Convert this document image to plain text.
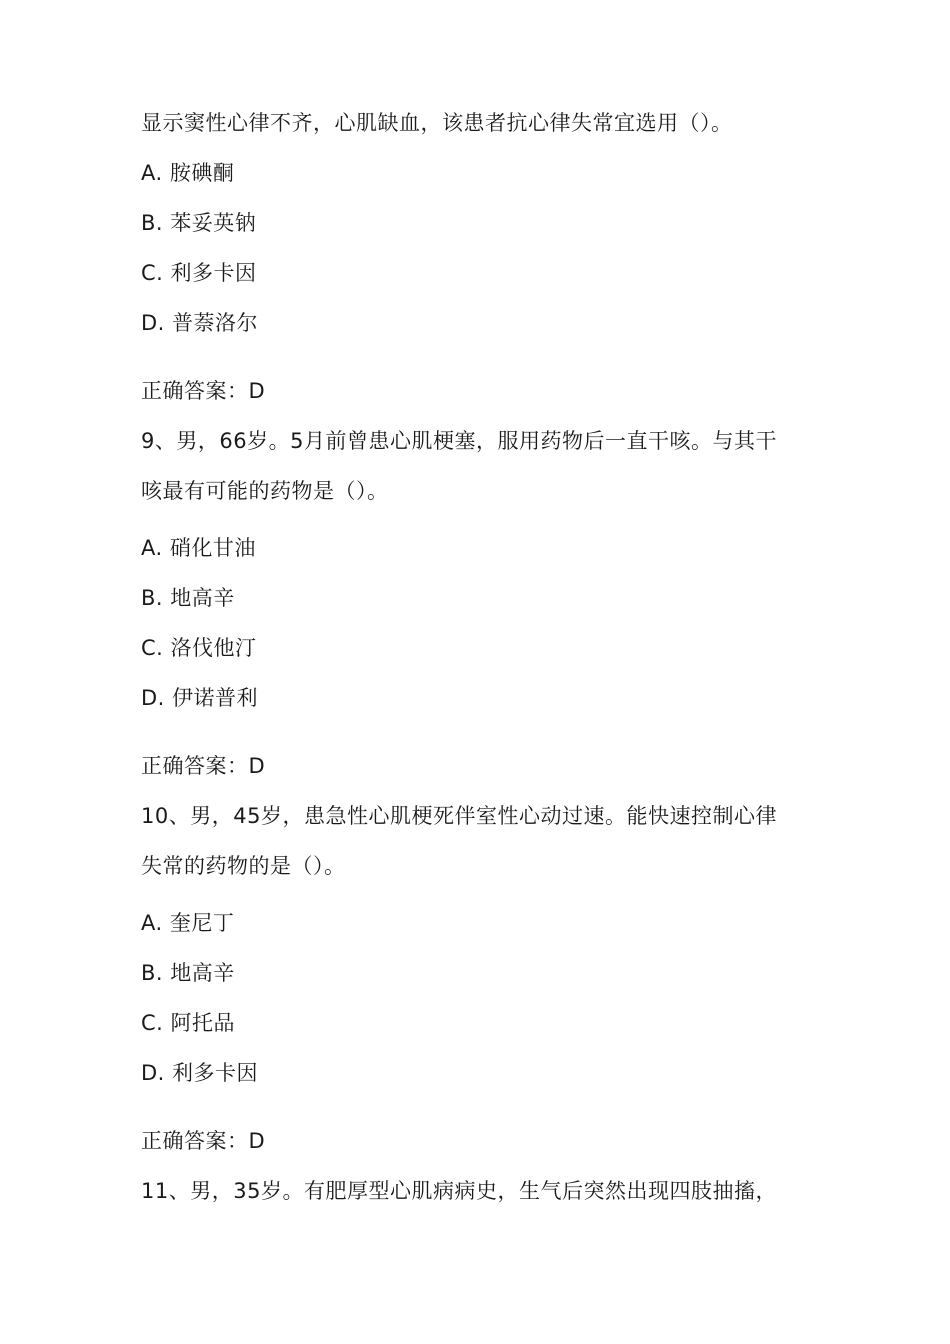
显示窦性心律不齐，心肌缺血，该患者抗心律失常宜选用（）。
A. 胺碘酮
B. 苯妥英钠
C. 利多卡因
D. 普萘洛尔
正确答案：D
9、男，66岁。5月前曾患心肌梗塞，服用药物后一直干咳。与其干
咳最有可能的药物是（）。
A. 硝化甘油
B. 地高辛
C. 洛伐他汀
D. 伊诺普利
正确答案：D
10、男，45岁，患急性心肌梗死伴室性心动过速。能快速控制心律
失常的药物的是（）。
A. 奎尼丁
B. 地高辛
C. 阿托品
D. 利多卡因
正确答案：D
11、男，35岁。有肥厚型心肌病病史，生气后突然出现四肢抽搐，
